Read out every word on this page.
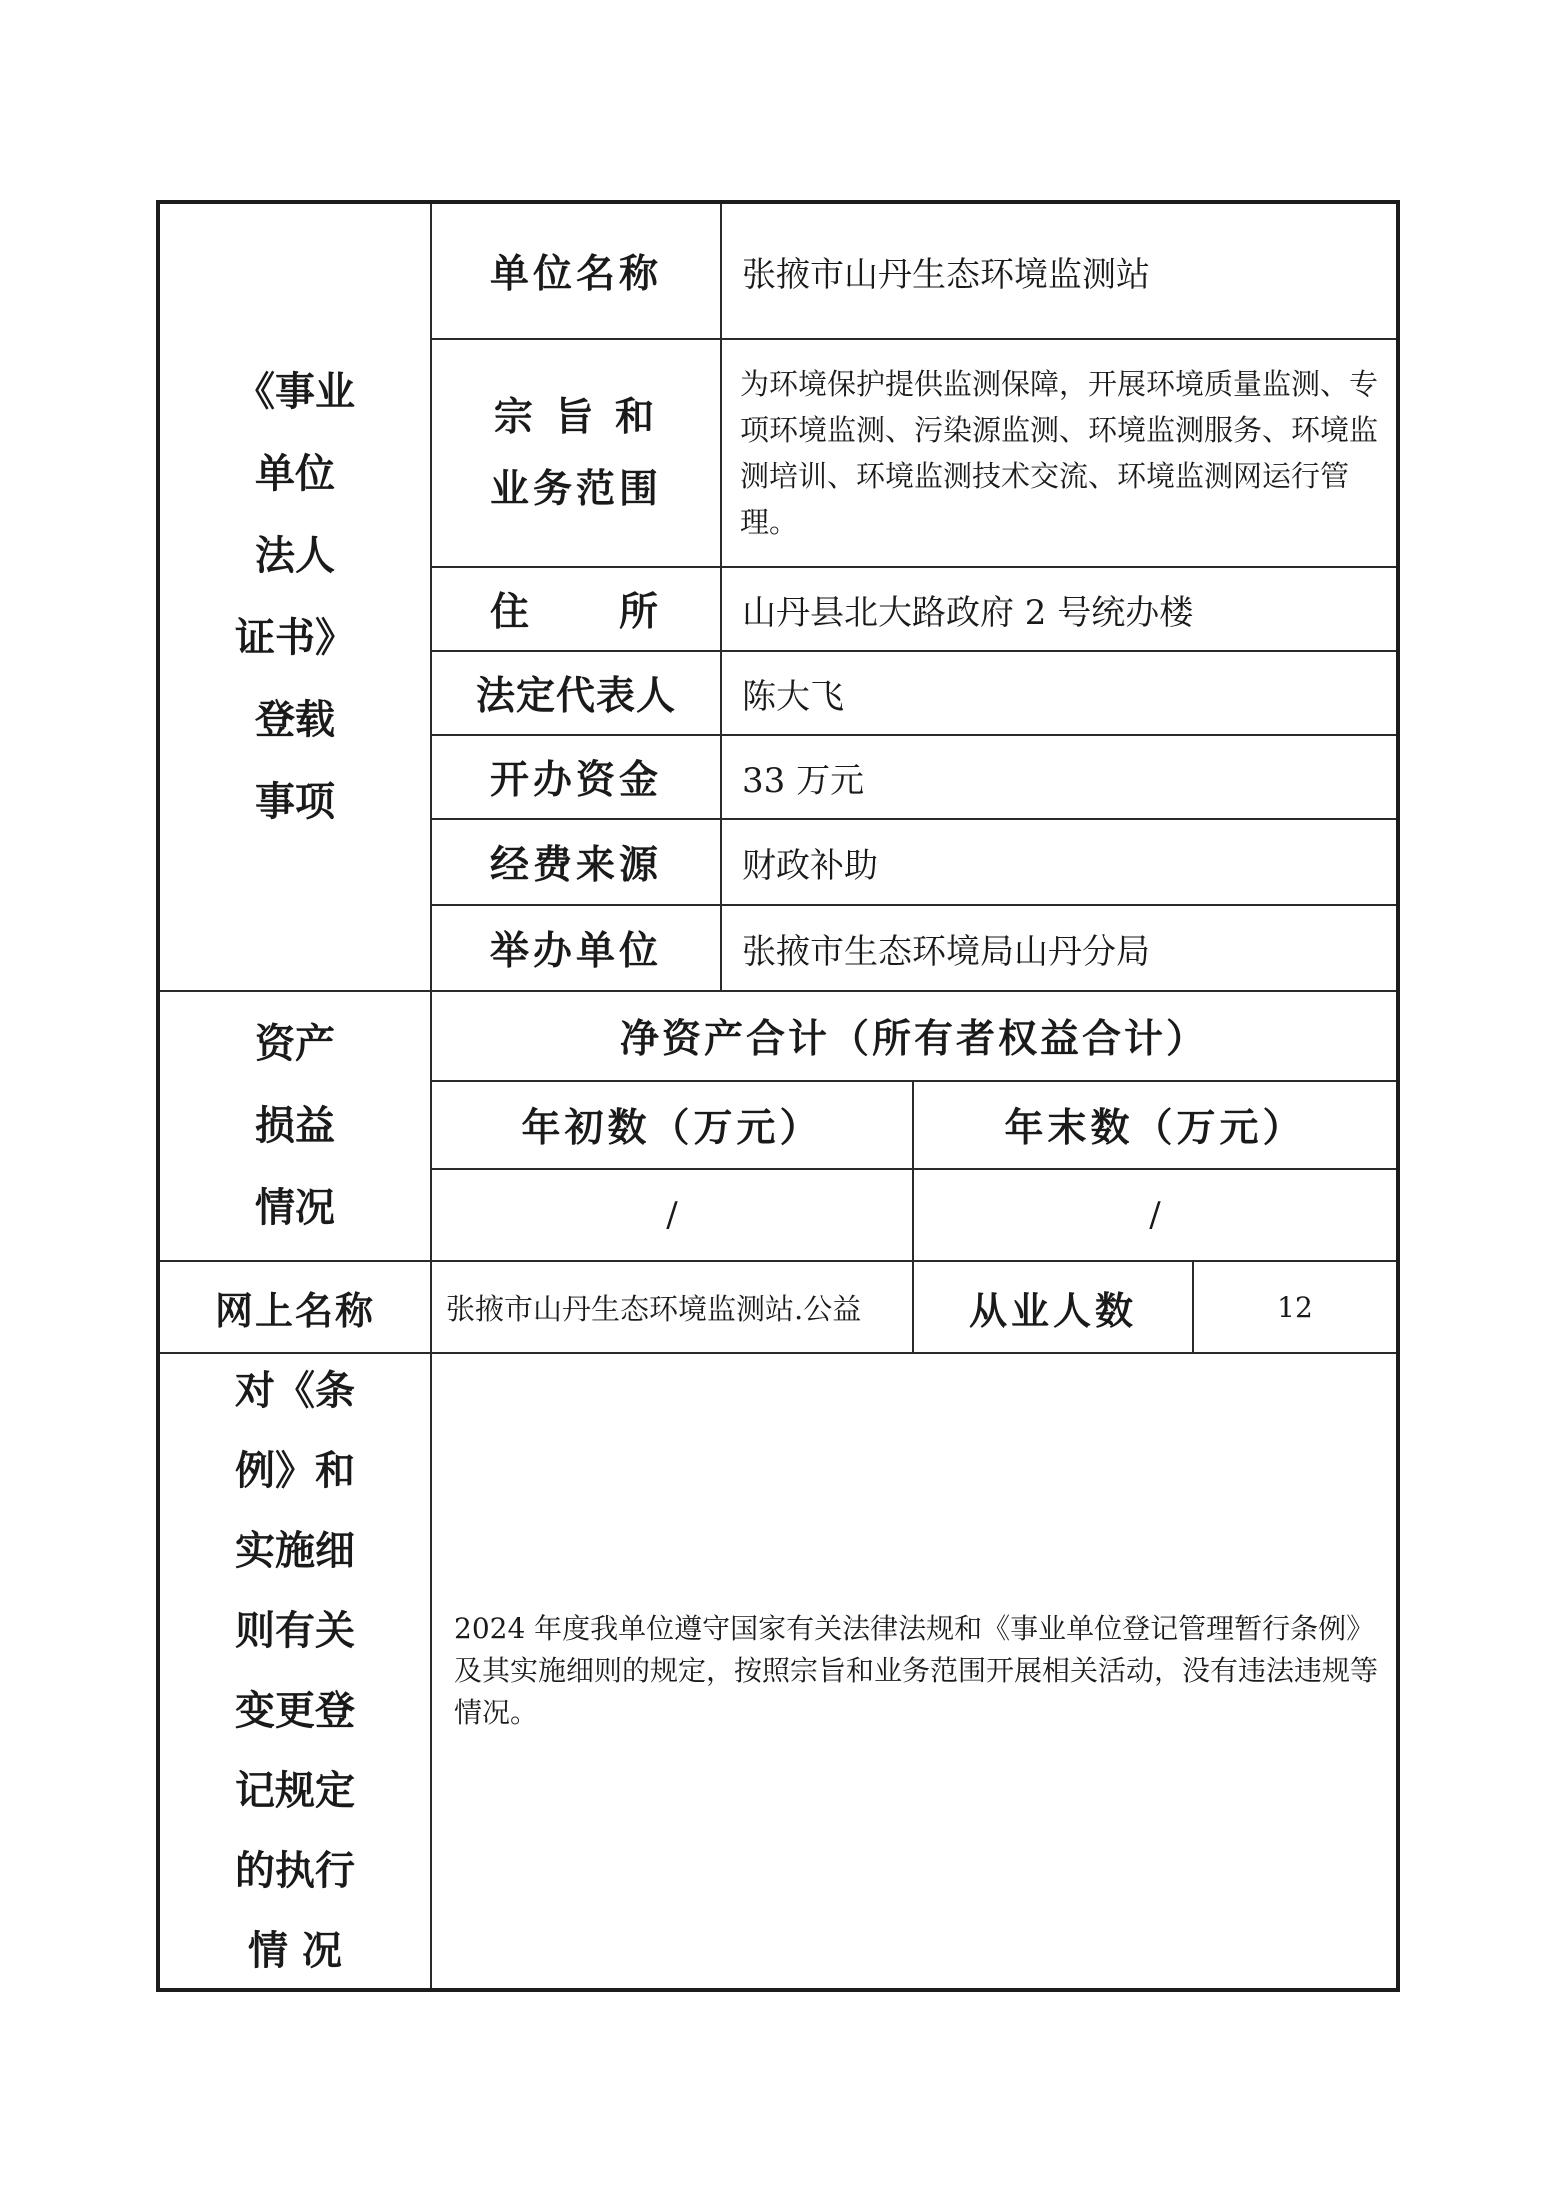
《事业
单位
法人
证书》
登载
事项
单位名称	张掖市山丹生态环境监测站
宗 旨 和
业务范围
为环境保护提供监测保障，开展环境质量监测、专项环境监测、污染源监测、环境监测服务、环境监测培训、环境监测技术交流、环境监测网运行管理。
住　　所	山丹县北大路政府 2 号统办楼
法定代表人	陈大飞
开办资金	33 万元
经费来源	财政补助
举办单位	张掖市生态环境局山丹分局
资产
损益
情况
净资产合计（所有者权益合计）
年初数（万元）	年末数（万元）
/	/
网上名称	张掖市山丹生态环境监测站.公益	从业人数	12
对《条
例》和
实施细
则有关
变更登
记规定
的执行
情 况
2024 年度我单位遵守国家有关法律法规和《事业单位登记管理暂行条例》及其实施细则的规定，按照宗旨和业务范围开展相关活动，没有违法违规等情况。
